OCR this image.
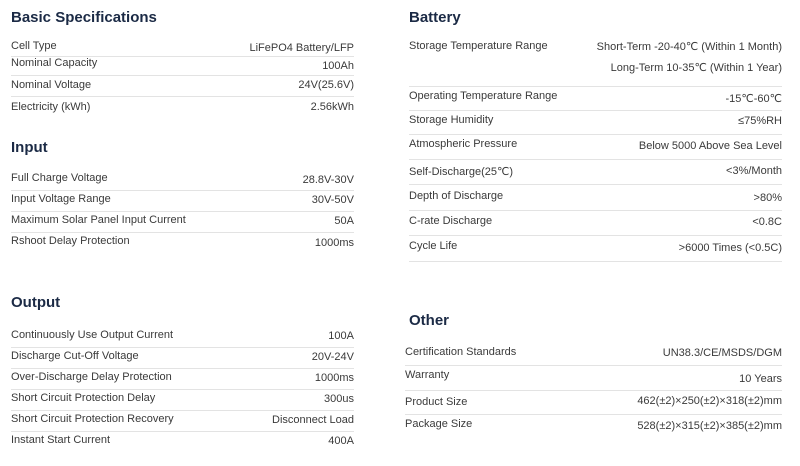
Basic Specifications
Cell Type	LiFePO4 Battery/LFP
Nominal Capacity	100Ah
Nominal Voltage	24V(25.6V)
Electricity (kWh)	2.56kWh
Input
Full Charge Voltage	28.8V-30V
Input Voltage Range	30V-50V
Maximum Solar Panel Input Current	50A
Rshoot Delay Protection	1000ms
Output
Continuously Use Output Current	100A
Discharge Cut-Off Voltage	20V-24V
Over-Discharge Delay Protection	1000ms
Short Circuit Protection Delay	300us
Short Circuit Protection Recovery	Disconnect Load
Instant Start Current	400A
Battery
Storage Temperature Range	Short-Term -20-40℃ (Within 1 Month)
Long-Term 10-35℃ (Within 1 Year)
Operating Temperature Range	-15℃-60℃
Storage Humidity	≤75%RH
Atmospheric Pressure	Below 5000 Above Sea Level
Self-Discharge(25℃)	<3%/Month
Depth of Discharge	>80%
C-rate Discharge	<0.8C
Cycle Life	>6000 Times (<0.5C)
Other
Certification Standards	UN38.3/CE/MSDS/DGM
Warranty	10 Years
Product Size	462(±2)×250(±2)×318(±2)mm
Package Size	528(±2)×315(±2)×385(±2)mm
